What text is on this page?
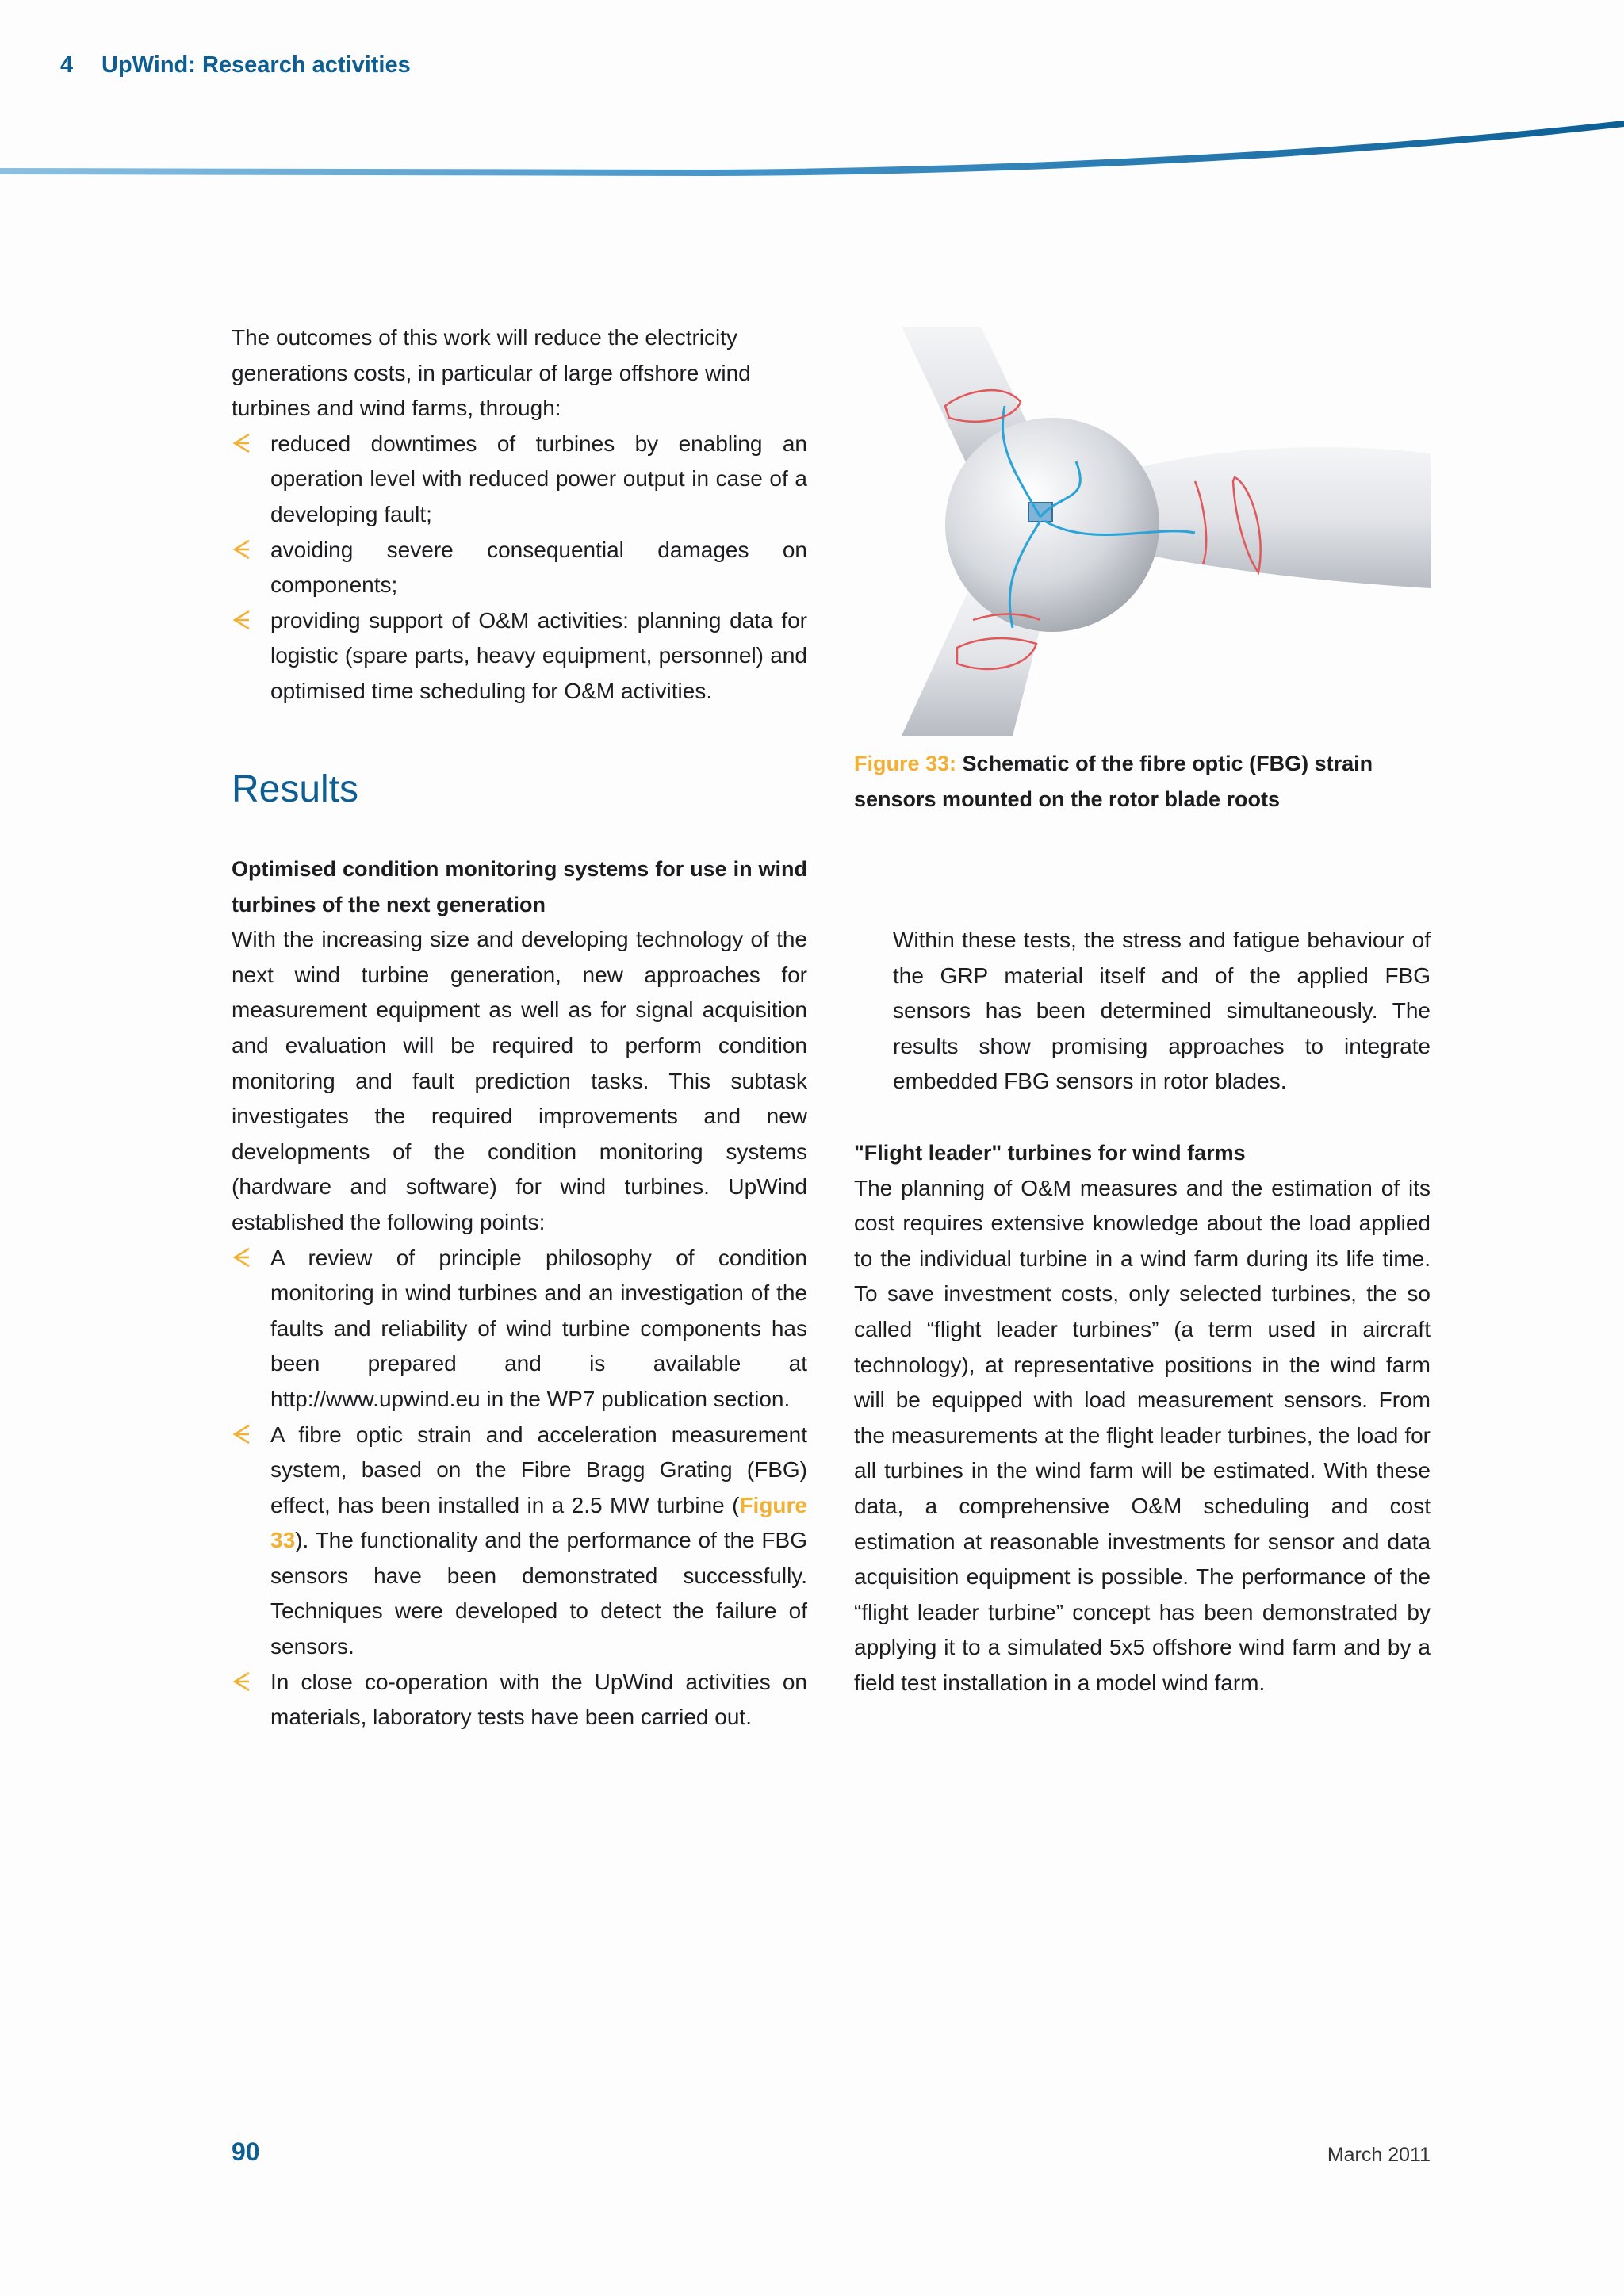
4 UpWind: Research activities

The outcomes of this work will reduce the electricity generations costs, in particular of large offshore wind turbines and wind farms, through:

reduced downtimes of turbines by enabling an operation level with reduced power output in case of a developing fault;
avoiding severe consequential damages on components;
providing support of O&M activities: planning data for logistic (spare parts, heavy equipment, personnel) and optimised time scheduling for O&M activities.
Figure 33: Schematic of the fibre optic (FBG) strain sensors mounted on the rotor blade roots
Results

Optimised condition monitoring systems for use in wind turbines of the next generation

With the increasing size and developing technology of the next wind turbine generation, new approaches for measurement equipment as well as for signal acquisition and evaluation will be required to perform condition monitoring and fault prediction tasks. This subtask investigates the required improvements and new developments of the condition monitoring systems (hardware and software) for wind turbines. UpWind established the following points:

A review of principle philosophy of condition monitoring in wind turbines and an investigation of the faults and reliability of wind turbine components has been prepared and is available at http://www.upwind.eu in the WP7 publication section.
A fibre optic strain and acceleration measurement system, based on the Fibre Bragg Grating (FBG) effect, has been installed in a 2.5 MW turbine (Figure 33). The functionality and the performance of the FBG sensors have been demonstrated successfully. Techniques were developed to detect the failure of sensors.
In close co-operation with the UpWind activities on materials, laboratory tests have been carried out.

Within these tests, the stress and fatigue behaviour of the GRP material itself and of the applied FBG sensors has been determined simultaneously. The results show promising approaches to integrate embedded FBG sensors in rotor blades.

"Flight leader" turbines for wind farms

The planning of O&M measures and the estimation of its cost requires extensive knowledge about the load applied to the individual turbine in a wind farm during its life time. To save investment costs, only selected turbines, the so called “flight leader turbines” (a term used in aircraft technology), at representative positions in the wind farm will be equipped with load measurement sensors. From the measurements at the flight leader turbines, the load for all turbines in the wind farm will be estimated. With these data, a comprehensive O&M scheduling and cost estimation at reasonable investments for sensor and data acquisition equipment is possible. The performance of the “flight leader turbine” concept has been demonstrated by applying it to a simulated 5x5 offshore wind farm and by a field test installation in a model wind farm.

90	March 2011
